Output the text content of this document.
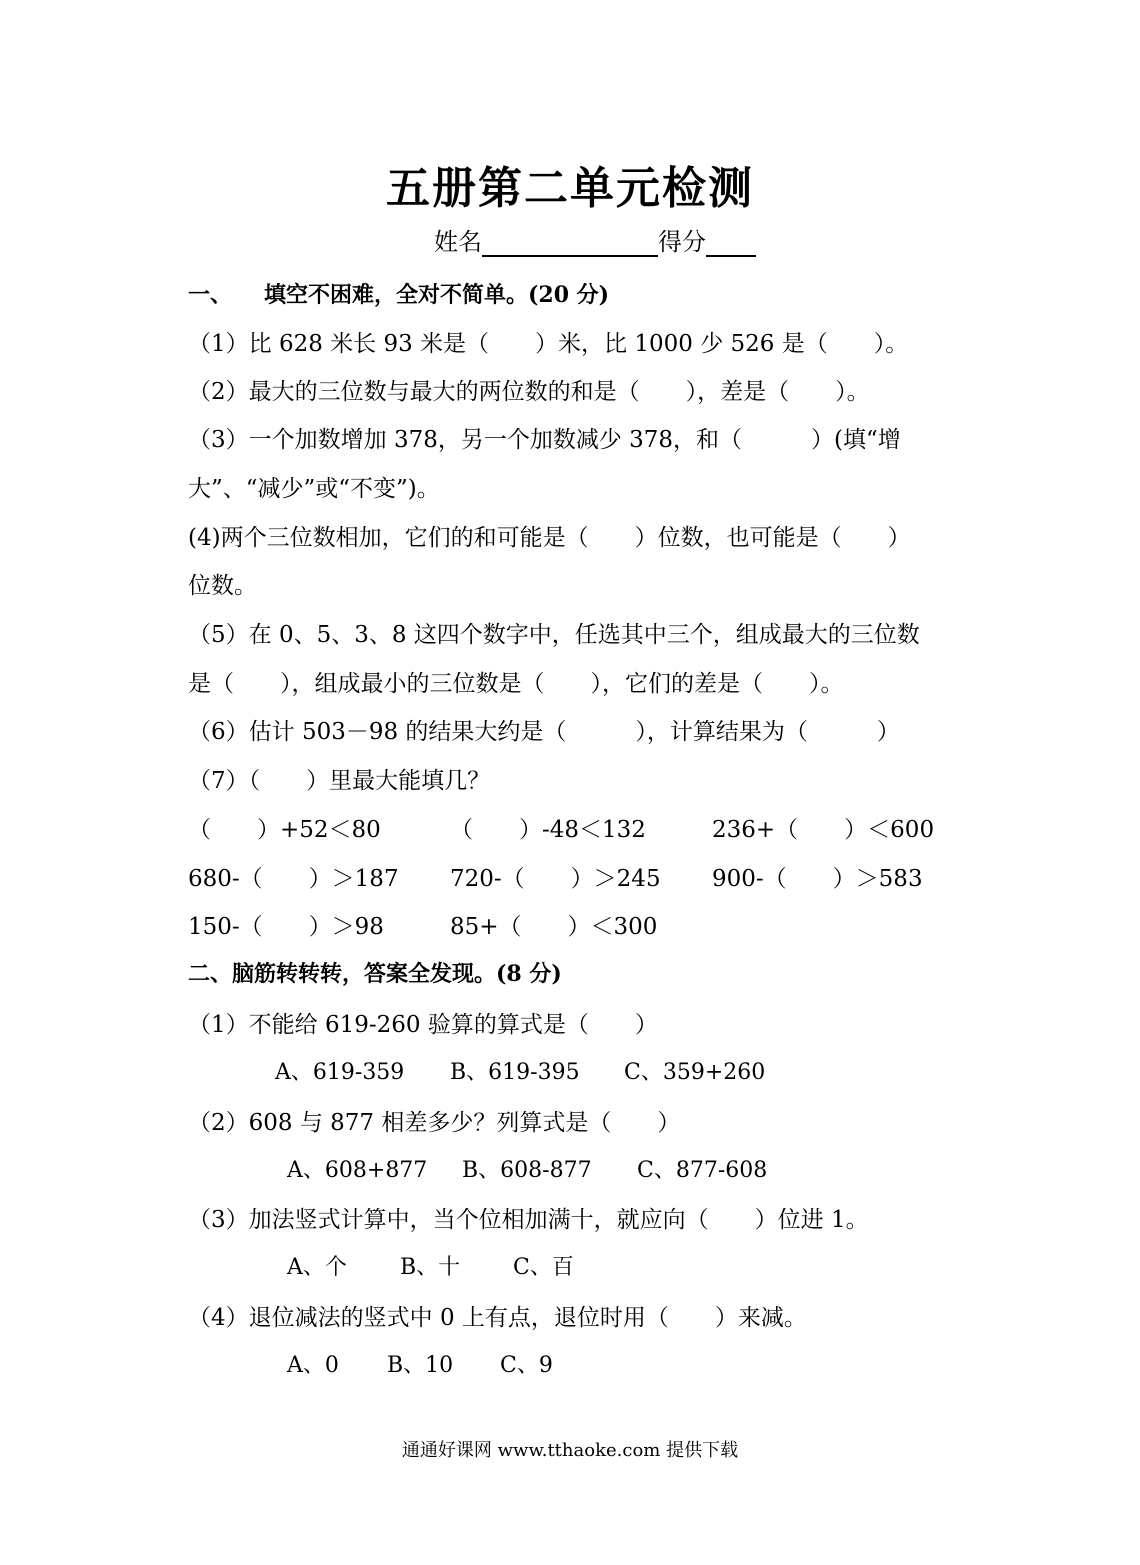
五册第二单元检测
姓名	得分
一、 填空不困难，全对不简单。(20 分)
（1）比 628 米长 93 米是（　　）米，比 1000 少 526 是（　　）。
（2）最大的三位数与最大的两位数的和是（　　），差是（　　）。
（3）一个加数增加 378，另一个加数减少 378，和（　　　）(填“增
大”、“减少”或“不变”)。
(4)两个三位数相加，它们的和可能是（　　）位数，也可能是（　　）
位数。
（5）在 0、5、3、8 这四个数字中，任选其中三个，组成最大的三位数
是（　　），组成最小的三位数是（　　），它们的差是（　　）。
（6）估计 503－98 的结果大约是（　　　），计算结果为（　　　）
（7）（　　）里最大能填几？
（　　）+52＜80	（　　）-48＜132	236+（　　）＜600
680-（　　）＞187 720-（　　）＞245 900-（　　）＞583
150-（　　）＞98	85+（　　）＜300
二、脑筋转转转，答案全发现。(8 分)
（1）不能给 619-260 验算的算式是（　　）
A、619-359 B、619-395 C、359+260
（2）608 与 877 相差多少？列算式是（　　）
A、608+877 B、608-877 C、877-608
（3）加法竖式计算中，当个位相加满十，就应向（　　）位进 1。
A、个 B、十 C、百
（4）退位减法的竖式中 0 上有点，退位时用（　　）来减。
A、0 B、10 C、9
通通好课网 www.tthaoke.com 提供下载
